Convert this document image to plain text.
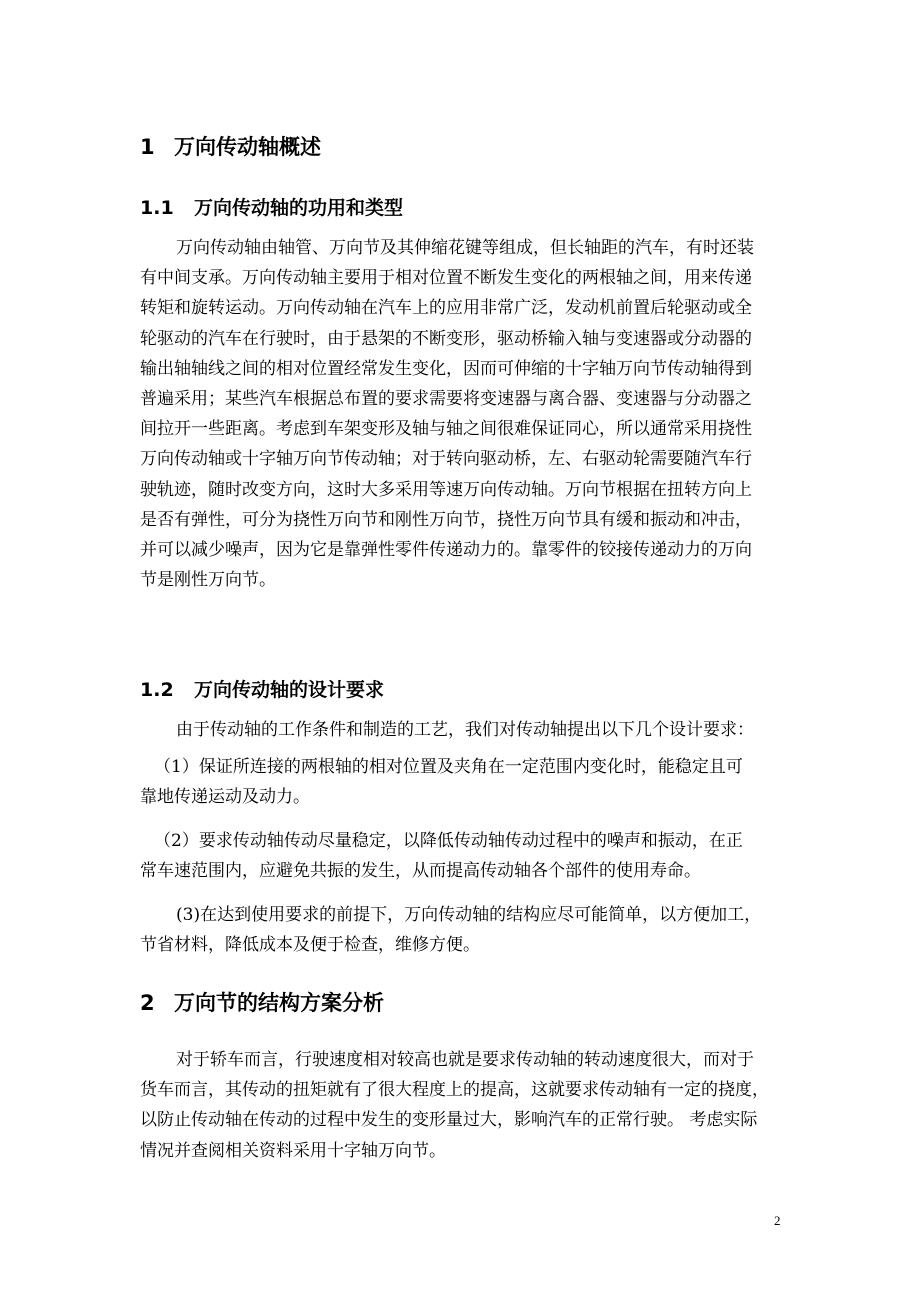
1 万向传动轴概述
1.1 万向传动轴的功用和类型
万向传动轴由轴管、万向节及其伸缩花键等组成，但长轴距的汽车，有时还装
有中间支承。万向传动轴主要用于相对位置不断发生变化的两根轴之间，用来传递
转矩和旋转运动。万向传动轴在汽车上的应用非常广泛，发动机前置后轮驱动或全
轮驱动的汽车在行驶时，由于悬架的不断变形，驱动桥输入轴与变速器或分动器的
输出轴轴线之间的相对位置经常发生变化，因而可伸缩的十字轴万向节传动轴得到
普遍采用；某些汽车根据总布置的要求需要将变速器与离合器、变速器与分动器之
间拉开一些距离。考虑到车架变形及轴与轴之间很难保证同心，所以通常采用挠性
万向传动轴或十字轴万向节传动轴；对于转向驱动桥，左、右驱动轮需要随汽车行
驶轨迹，随时改变方向，这时大多采用等速万向传动轴。万向节根据在扭转方向上
是否有弹性，可分为挠性万向节和刚性万向节，挠性万向节具有缓和振动和冲击，
并可以减少噪声，因为它是靠弹性零件传递动力的。靠零件的铰接传递动力的万向
节是刚性万向节。
1.2 万向传动轴的设计要求
由于传动轴的工作条件和制造的工艺，我们对传动轴提出以下几个设计要求：
（1）保证所连接的两根轴的相对位置及夹角在一定范围内变化时，能稳定且可
靠地传递运动及动力。
（2）要求传动轴传动尽量稳定，以降低传动轴传动过程中的噪声和振动，在正
常车速范围内，应避免共振的发生，从而提高传动轴各个部件的使用寿命。
(3)在达到使用要求的前提下，万向传动轴的结构应尽可能简单，以方便加工，
节省材料，降低成本及便于检查，维修方便。
2 万向节的结构方案分析
对于轿车而言，行驶速度相对较高也就是要求传动轴的转动速度很大，而对于
货车而言，其传动的扭矩就有了很大程度上的提高，这就要求传动轴有一定的挠度，
以防止传动轴在传动的过程中发生的变形量过大，影响汽车的正常行驶。 考虑实际
情况并查阅相关资料采用十字轴万向节。
2
